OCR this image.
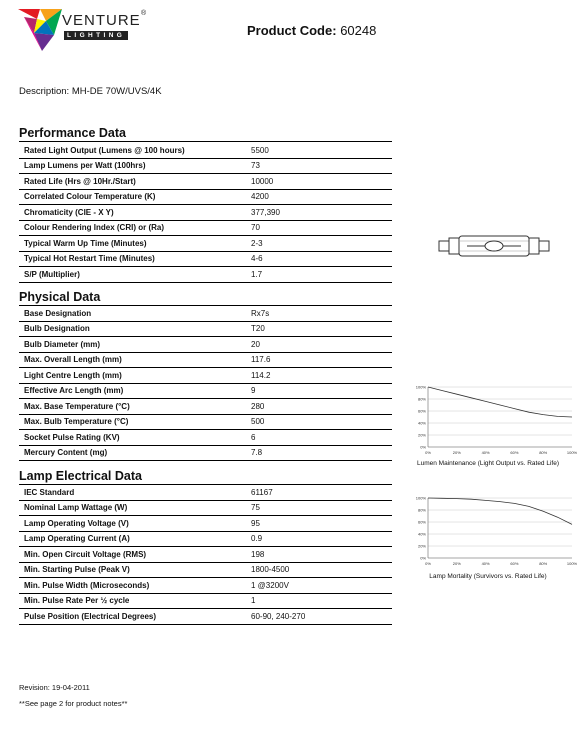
VENTURE ®
LIGHTING	Product Code: 60248
Description: MH-DE 70W/UVS/4K
Performance Data
Rated Light Output (Lumens @ 100 hours)	5500
Lamp Lumens per Watt (100hrs)	73
Rated Life (Hrs @ 10Hr./Start)	10000
Correlated Colour Temperature (K)	4200
Chromaticity (CIE - X Y)	377,390
Colour Rendering Index (CRI) or (Ra)	70
Typical Warm Up Time (Minutes)	2-3
Typical Hot Restart Time (Minutes)	4-6
S/P (Multiplier)	1.7
Physical Data
Base Designation	Rx7s
Bulb Designation	T20
Bulb Diameter (mm)	20
Max. Overall Length (mm)	117.6
Light Centre Length (mm)	114.2
Effective Arc Length (mm)	9
Max. Base Temperature (°C)	280
Max. Bulb Temperature (°C)	500
Socket Pulse Rating (KV)	6
Mercury Content (mg)	7.8
Lamp Electrical Data
IEC Standard	61167
Nominal Lamp Wattage (W)	75
Lamp Operating Voltage (V)	95
Lamp Operating Current (A)	0.9
Min. Open Circuit Voltage (RMS)	198
Min. Starting Pulse (Peak V)	1800-4500
Min. Pulse Width (Microseconds)	1 @3200V
Min. Pulse Rate Per ½ cycle	1
Pulse Position (Electrical Degrees)	60-90, 240-270
100%
80%
60%
40%
20%
0%
0%	20%	40%	60%	80%	100%
Lumen Maintenance (Light Output vs. Rated Life)
100%
80%
60%
40%
20%
0%
0%	20%	40%	60%	80%	100%
Lamp Mortality (Survivors vs. Rated Life)
Revision: 19-04-2011
**See page 2 for product notes**
